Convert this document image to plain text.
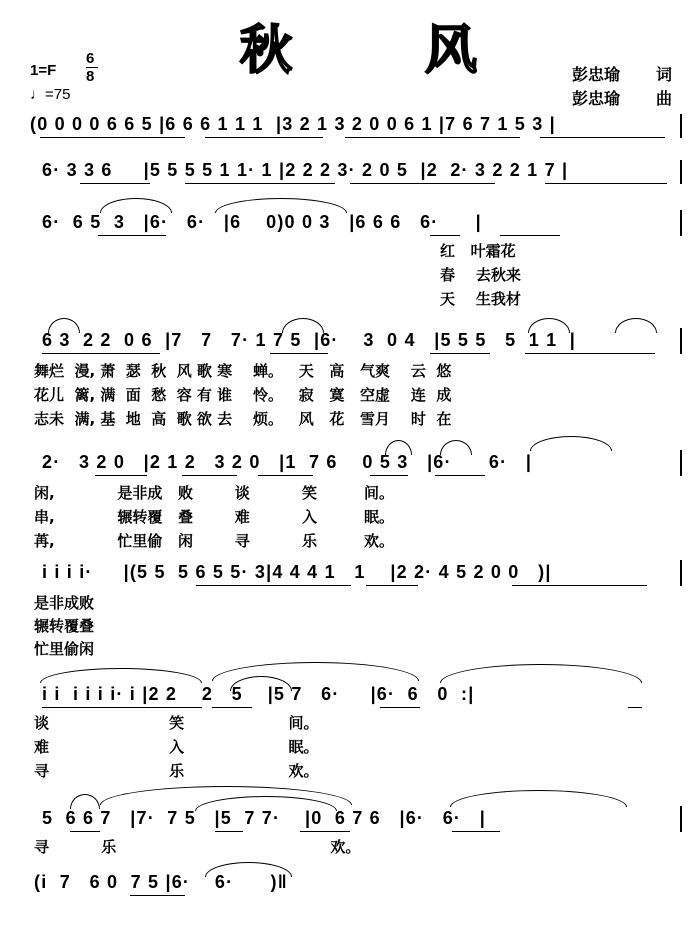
秋	风
1=F
6
8
♩=75
彭忠瑜 词
彭忠瑜 曲
(0 0 0 0 6 6 5 |6 6 6 1 1 1  |3 2 1 3 2 0 0 6 1 |7 6 7 1 5 3 |
6· 3 3 6     |5 5 5 5 1 1· 1 |2 2 2 3· 2 0 5  |2  2· 3 2 2 1 7 |
6·  6 5  3   |6·   6·   |6    0)0 0 3   |6 6 6   6·      |
红   叶霜花
春    去秋来
天    生我材
6 3  2 2  0 6  |7   7   7· 1 7 5  |6·    3  0 4   |5 5 5   5  1 1  |
舞烂  漫, 萧  瑟  秋  风 歌 寒    蝉。   天   高   气爽    云  悠
花儿  篱, 满  面  愁  容 有 谁    怜。   寂   寞   空虚    连  成
志未  满, 基  地  高  歌 欲 去    烦。   风   花   雪月    时  在
2·   3 2 0   |2 1 2   3 2 0   |1  7 6    0 5 3   |6·      6·   |
闲,            是非成   败        谈          笑         间。
串,            辗转覆   叠        难          入         眠。
苒,            忙里偷   闲        寻          乐         欢。
i i i i·     |(5 5  5 6 5 5· 3|4 4 4 1   1    |2 2· 4 5 2 0 0   )|
是非成败
辗转覆叠
忙里偷闲
i i  i i i i· i |2 2    2   5    |5 7   6·     |6·  6   0  :|
谈                       笑                    间。
难                       入                    眠。
寻                       乐                    欢。
5  6 6 7   |7·  7 5   |5  7 7·    |0  6 7 6   |6·   6·   |
寻          乐                                         欢。
(i  7   6 0  7 5 |6·    6·      )‖
